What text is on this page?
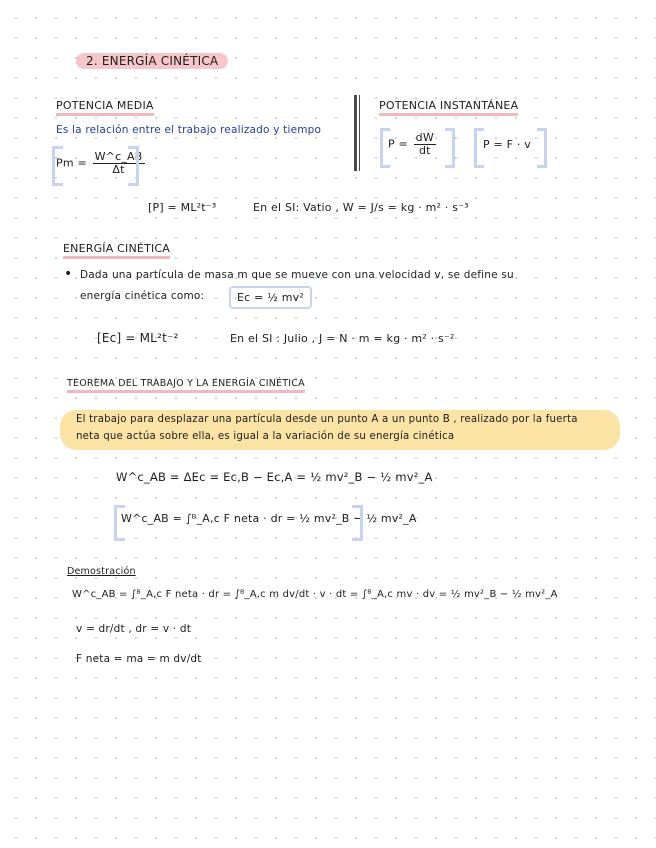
2. ENERGÍA CINÉTICA
POTENCIA MEDIA
Es la relación entre el trabajo realizado y tiempo
$Pm = \frac{W\^{}c\_AB}{\Delta t}$
POTENCIA INSTANTÁNEA
$P = \frac{dW}{dt}$	P = F · v
[P] = ML²t⁻³	En el SI: Vatio , W = J/s = kg · m² · s⁻³
ENERGÍA CINÉTICA
• Dada una partícula de masa m que se mueve con una velocidad v, se define su
energía cinética como:	Ec = ½ mv²
[Ec] = ML²t⁻²	En el SI : Julio , J = N · m = kg · m² · s⁻²
TEOREMA DEL TRABAJO Y LA ENERGÍA CINÉTICA
El trabajo para desplazar una partícula desde un punto A a un punto B , realizado por la fuerta
neta que actúa sobre ella, es igual a la variación de su energía cinética
W^c_AB = ΔEc = Ec,B − Ec,A = ½ mv²_B − ½ mv²_A
W^c_AB = ∫ᴮ_A,c F neta · dr = ½ mv²_B − ½ mv²_A
Demostración
W^c_AB = ∫ᴮ_A,c F neta · dr = ∫ᴮ_A,c m dv/dt · v · dt = ∫ᴮ_A,c mv · dv = ½ mv²_B − ½ mv²_A
v = dr/dt , dr = v · dt
F neta = ma = m dv/dt
